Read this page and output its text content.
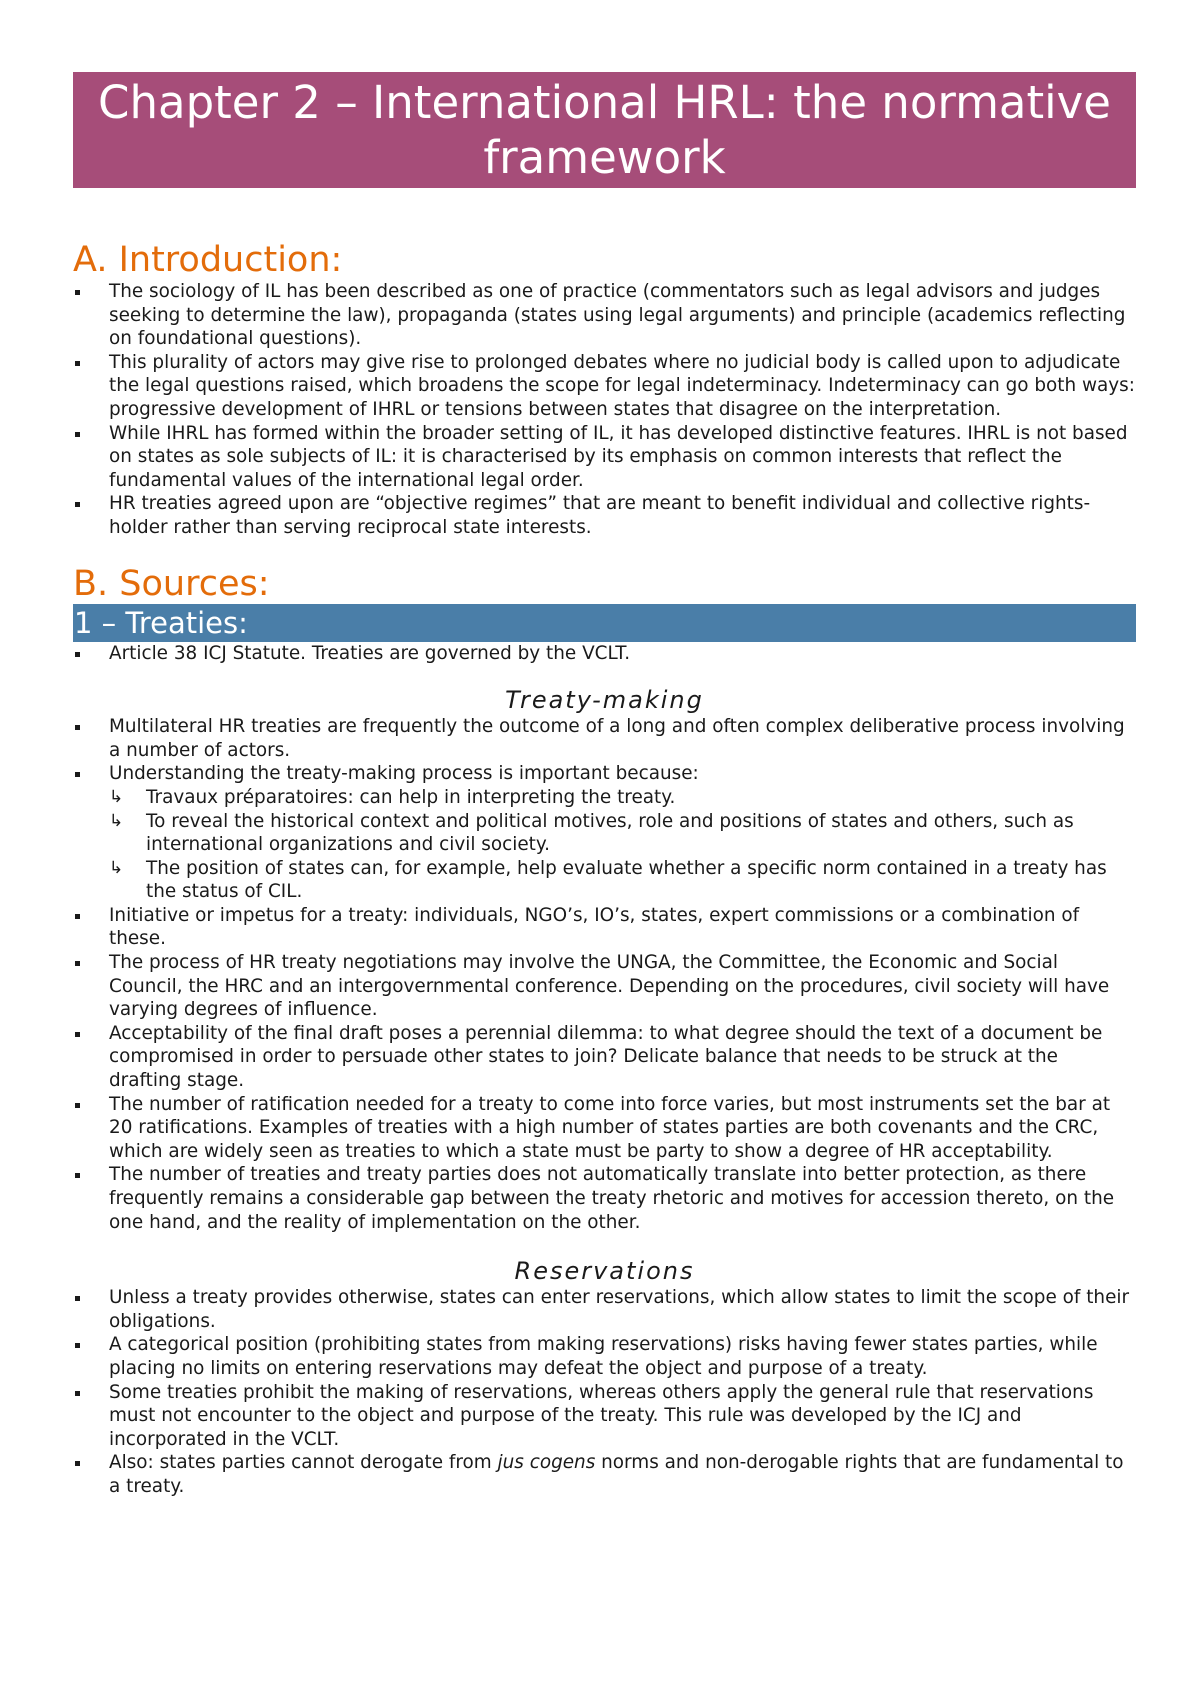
Chapter 2 – International HRL: the normative framework
A. Introduction:
The sociology of IL has been described as one of practice (commentators such as legal advisors and judges seeking to determine the law), propaganda (states using legal arguments) and principle (academics reflecting on foundational questions).
This plurality of actors may give rise to prolonged debates where no judicial body is called upon to adjudicate the legal questions raised, which broadens the scope for legal indeterminacy. Indeterminacy can go both ways: progressive development of IHRL or tensions between states that disagree on the interpretation.
While IHRL has formed within the broader setting of IL, it has developed distinctive features. IHRL is not based on states as sole subjects of IL: it is characterised by its emphasis on common interests that reflect the fundamental values of the international legal order.
HR treaties agreed upon are “objective regimes” that are meant to benefit individual and collective rights-holder rather than serving reciprocal state interests.
B. Sources:
1 – Treaties:
Article 38 ICJ Statute. Treaties are governed by the VCLT.
Treaty-making
Multilateral HR treaties are frequently the outcome of a long and often complex deliberative process involving a number of actors.
Understanding the treaty-making process is important because:
↳	Travaux préparatoires: can help in interpreting the treaty.
↳	To reveal the historical context and political motives, role and positions of states and others, such as international organizations and civil society.
↳	The position of states can, for example, help evaluate whether a specific norm contained in a treaty has the status of CIL.
Initiative or impetus for a treaty: individuals, NGO’s, IO’s, states, expert commissions or a combination of these.
The process of HR treaty negotiations may involve the UNGA, the Committee, the Economic and Social Council, the HRC and an intergovernmental conference. Depending on the procedures, civil society will have varying degrees of influence.
Acceptability of the final draft poses a perennial dilemma: to what degree should the text of a document be compromised in order to persuade other states to join? Delicate balance that needs to be struck at the drafting stage.
The number of ratification needed for a treaty to come into force varies, but most instruments set the bar at 20 ratifications. Examples of treaties with a high number of states parties are both covenants and the CRC, which are widely seen as treaties to which a state must be party to show a degree of HR acceptability.
The number of treaties and treaty parties does not automatically translate into better protection, as there frequently remains a considerable gap between the treaty rhetoric and motives for accession thereto, on the one hand, and the reality of implementation on the other.
Reservations
Unless a treaty provides otherwise, states can enter reservations, which allow states to limit the scope of their obligations.
A categorical position (prohibiting states from making reservations) risks having fewer states parties, while placing no limits on entering reservations may defeat the object and purpose of a treaty.
Some treaties prohibit the making of reservations, whereas others apply the general rule that reservations must not encounter to the object and purpose of the treaty. This rule was developed by the ICJ and incorporated in the VCLT.
Also: states parties cannot derogate from jus cogens norms and non-derogable rights that are fundamental to a treaty.
